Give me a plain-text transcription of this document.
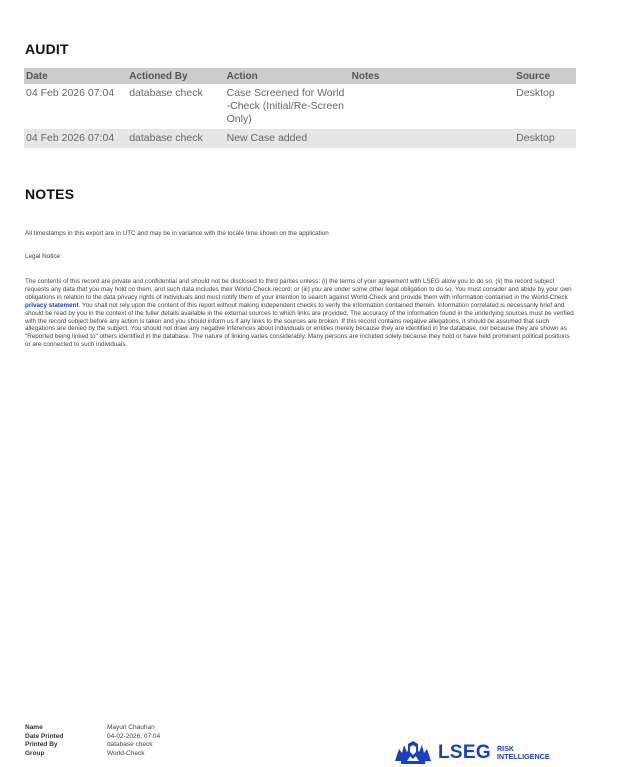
AUDIT
Date	Actioned By	Action	Notes	Source
04 Feb 2026 07:04	database check	Case Screened for World-Check (Initial/Re-Screen Only)		Desktop
04 Feb 2026 07:04	database check	New Case added		Desktop
NOTES

All timestamps in this export are in UTC and may be in variance with the locale time shown on the application

Legal Notice

The contents of this record are private and confidential and should not be disclosed to third parties unless: (i) the terms of your agreement with LSEG allow you to do so; (ii) the record subject requests any data that you may hold on them, and such data includes their World-Check record; or (iii) you are under some other legal obligation to do so. You must consider and abide by your own obligations in relation to the data privacy rights of individuals and must notify them of your intention to search against World-Check and provide them with information contained in the World-Check privacy statement. You shall not rely upon the content of this report without making independent checks to verify the information contained therein. Information correlated is necessarily brief and should be read by you in the context of the fuller details available in the external sources to which links are provided. The accuracy of the information found in the underlying sources must be verified with the record subject before any action is taken and you should inform us if any links to the sources are broken. If this record contains negative allegations, it should be assumed that such allegations are denied by the subject. You should not draw any negative inferences about individuals or entities merely because they are identified in the database, nor because they are shown as "Reported being linked to" others identified in the database. The nature of linking varies considerably. Many persons are included solely because they hold or have held prominent political positions or are connected to such individuals.

Name	Mayuri Chauhan
Date Printed	04-02-2026, 07:04
Printed By	database check
Group	World-Check	LSEG RISK
INTELLIGENCE
